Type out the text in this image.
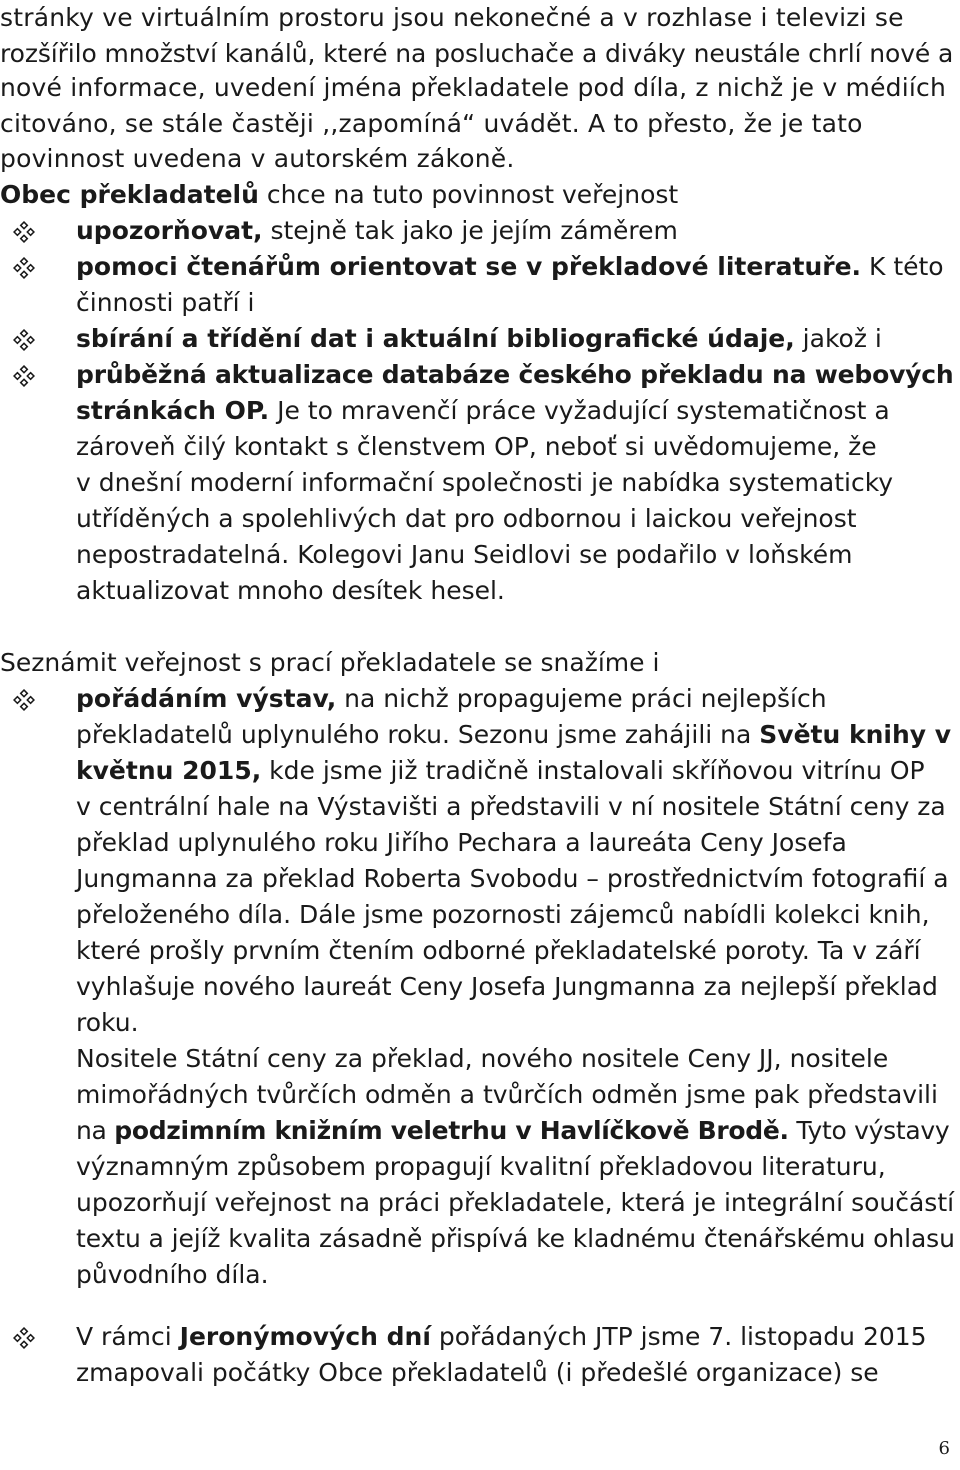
stránky ve virtuálním prostoru jsou nekonečné a v rozhlase i televizi se
rozšířilo množství kanálů, které na posluchače a diváky neustále chrlí nové a
nové informace, uvedení jména překladatele pod díla, z nichž je v médiích
citováno, se stále častěji ,,zapomíná“ uvádět. A to přesto, že je tato
povinnost uvedena v autorském zákoně.
Obec překladatelů chce na tuto povinnost veřejnost
upozorňovat, stejně tak jako je jejím záměrem
pomoci čtenářům orientovat se v překladové literatuře. K této
činnosti patří i
sbírání a třídění dat i aktuální bibliografické údaje, jakož i
průběžná aktualizace databáze českého překladu na webových
stránkách OP. Je to mravenčí práce vyžadující systematičnost a
zároveň čilý kontakt s členstvem OP, neboť si uvědomujeme, že
v dnešní moderní informační společnosti je nabídka systematicky
utříděných a spolehlivých dat pro odbornou i laickou veřejnost
nepostradatelná. Kolegovi Janu Seidlovi se podařilo v loňském
aktualizovat mnoho desítek hesel.
Seznámit veřejnost s prací překladatele se snažíme i
pořádáním výstav, na nichž propagujeme práci nejlepších
překladatelů uplynulého roku. Sezonu jsme zahájili na Světu knihy v
květnu 2015, kde jsme již tradičně instalovali skříňovou vitrínu OP
v centrální hale na Výstavišti a představili v ní nositele Státní ceny za
překlad uplynulého roku Jiřího Pechara a laureáta Ceny Josefa
Jungmanna za překlad Roberta Svobodu – prostřednictvím fotografií a
přeloženého díla. Dále jsme pozornosti zájemců nabídli kolekci knih,
které prošly prvním čtením odborné překladatelské poroty. Ta v září
vyhlašuje nového laureát Ceny Josefa Jungmanna za nejlepší překlad
roku.
Nositele Státní ceny za překlad, nového nositele Ceny JJ, nositele
mimořádných tvůrčích odměn a tvůrčích odměn jsme pak představili
na podzimním knižním veletrhu v Havlíčkově Brodě. Tyto výstavy
významným způsobem propagují kvalitní překladovou literaturu,
upozorňují veřejnost na práci překladatele, která je integrální součástí
textu a jejíž kvalita zásadně přispívá ke kladnému čtenářskému ohlasu
původního díla.
V rámci Jeronýmových dní pořádaných JTP jsme 7. listopadu 2015
zmapovali počátky Obce překladatelů (i předešlé organizace) se
6
